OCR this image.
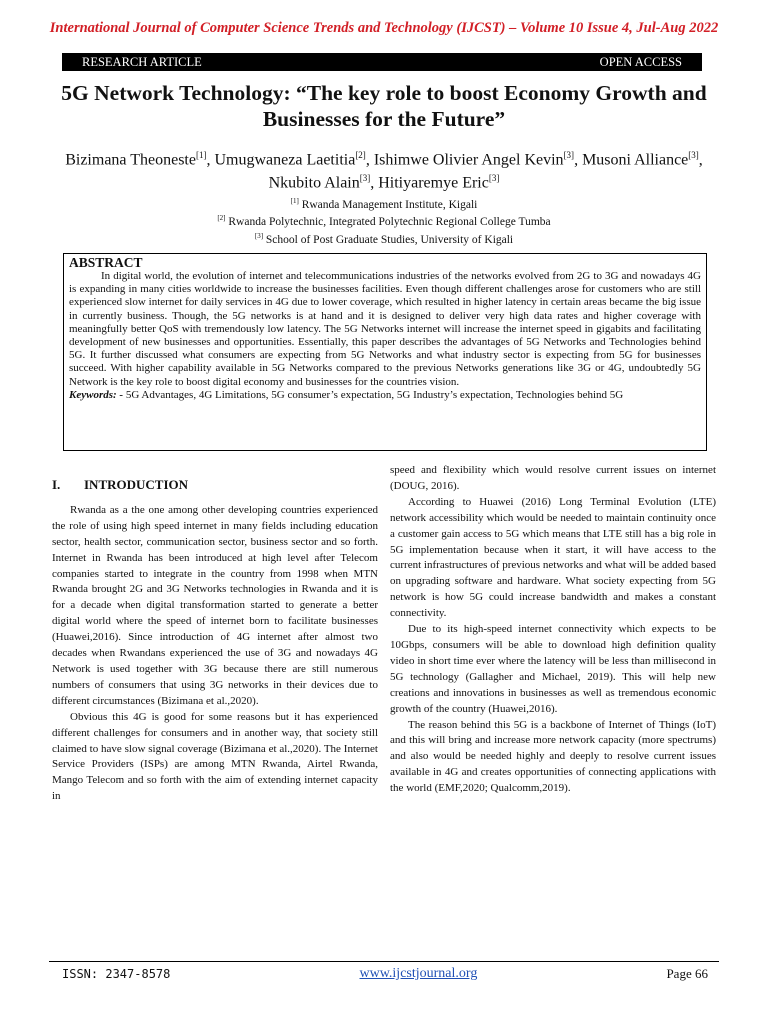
International Journal of Computer Science Trends and Technology (IJCST) – Volume 10 Issue 4, Jul-Aug 2022
RESEARCH ARTICLE	OPEN ACCESS
5G Network Technology: “The key role to boost Economy Growth and Businesses for the Future”
Bizimana Theoneste[1], Umugwaneza Laetitia[2], Ishimwe Olivier Angel Kevin[3], Musoni Alliance[3], Nkubito Alain[3], Hitiyaremye Eric[3]
[1] Rwanda Management Institute, Kigali
[2] Rwanda Polytechnic, Integrated Polytechnic Regional College Tumba
[3] School of Post Graduate Studies, University of Kigali
ABSTRACT

In digital world, the evolution of internet and telecommunications industries of the networks evolved from 2G to 3G and nowadays 4G is expanding in many cities worldwide to increase the businesses facilities. Even though different challenges arose for customers who are still experienced slow internet for daily services in 4G due to lower coverage, which resulted in higher latency in certain areas became the big issue in currently business. Though, the 5G networks is at hand and it is designed to deliver very high data rates and higher coverage with meaningfully better QoS with tremendously low latency. The 5G Networks internet will increase the internet speed in gigabits and facilitating development of new businesses and opportunities. Essentially, this paper describes the advantages of 5G Networks and Technologies behind 5G. It further discussed what consumers are expecting from 5G Networks and what industry sector is expecting from 5G for businesses succeed. With higher capability available in 5G Networks compared to the previous Networks generations like 3G or 4G, undoubtedly 5G Network is the key role to boost digital economy and businesses for the countries vision.

Keywords: - 5G Advantages, 4G Limitations, 5G consumer’s expectation, 5G Industry’s expectation, Technologies behind 5G

I.	INTRODUCTION

Rwanda as a the one among other developing countries experienced the role of using high speed internet in many fields including education sector, health sector, communication sector, business sector and so forth. Internet in Rwanda has been introduced at high level after Telecom companies started to integrate in the country from 1998 when MTN Rwanda brought 2G and 3G Networks technologies in Rwanda and it is for a decade when digital transformation started to generate a better digital world where the speed of internet born to facilitate businesses (Huawei,2016). Since introduction of 4G internet after almost two decades when Rwandans experienced the use of 3G and nowadays 4G Network is used together with 3G because there are still numerous numbers of consumers that using 3G networks in their devices due to different circumstances (Bizimana et al.,2020).

Obvious this 4G is good for some reasons but it has experienced different challenges for consumers and in another way, that society still claimed to have slow signal coverage (Bizimana et al.,2020). The Internet Service Providers (ISPs) are among MTN Rwanda, Airtel Rwanda, Mango Telecom and so forth with the aim of extending internet capacity in

speed and flexibility which would resolve current issues on internet (DOUG, 2016).

According to Huawei (2016) Long Terminal Evolution (LTE) network accessibility which would be needed to maintain continuity once a customer gain access to 5G which means that LTE still has a big role in 5G implementation because when it start, it will have access to the current infrastructures of previous networks and what will be added based on upgrading software and hardware. What society expecting from 5G network is how 5G could increase bandwidth and makes a constant connectivity.

Due to its high-speed internet connectivity which expects to be 10Gbps, consumers will be able to download high definition quality video in short time ever where the latency will be less than millisecond in 5G technology (Gallagher and Michael, 2019). This will help new creations and innovations in businesses as well as tremendous economic growth of the country (Huawei,2016).

The reason behind this 5G is a backbone of Internet of Things (IoT) and this will bring and increase more network capacity (more spectrums) and also would be needed highly and deeply to resolve current issues available in 4G and creates opportunities of connecting applications with the world (EMF,2020; Qualcomm,2019).

ISSN: 2347-8578	www.ijcstjournal.org	Page 66
